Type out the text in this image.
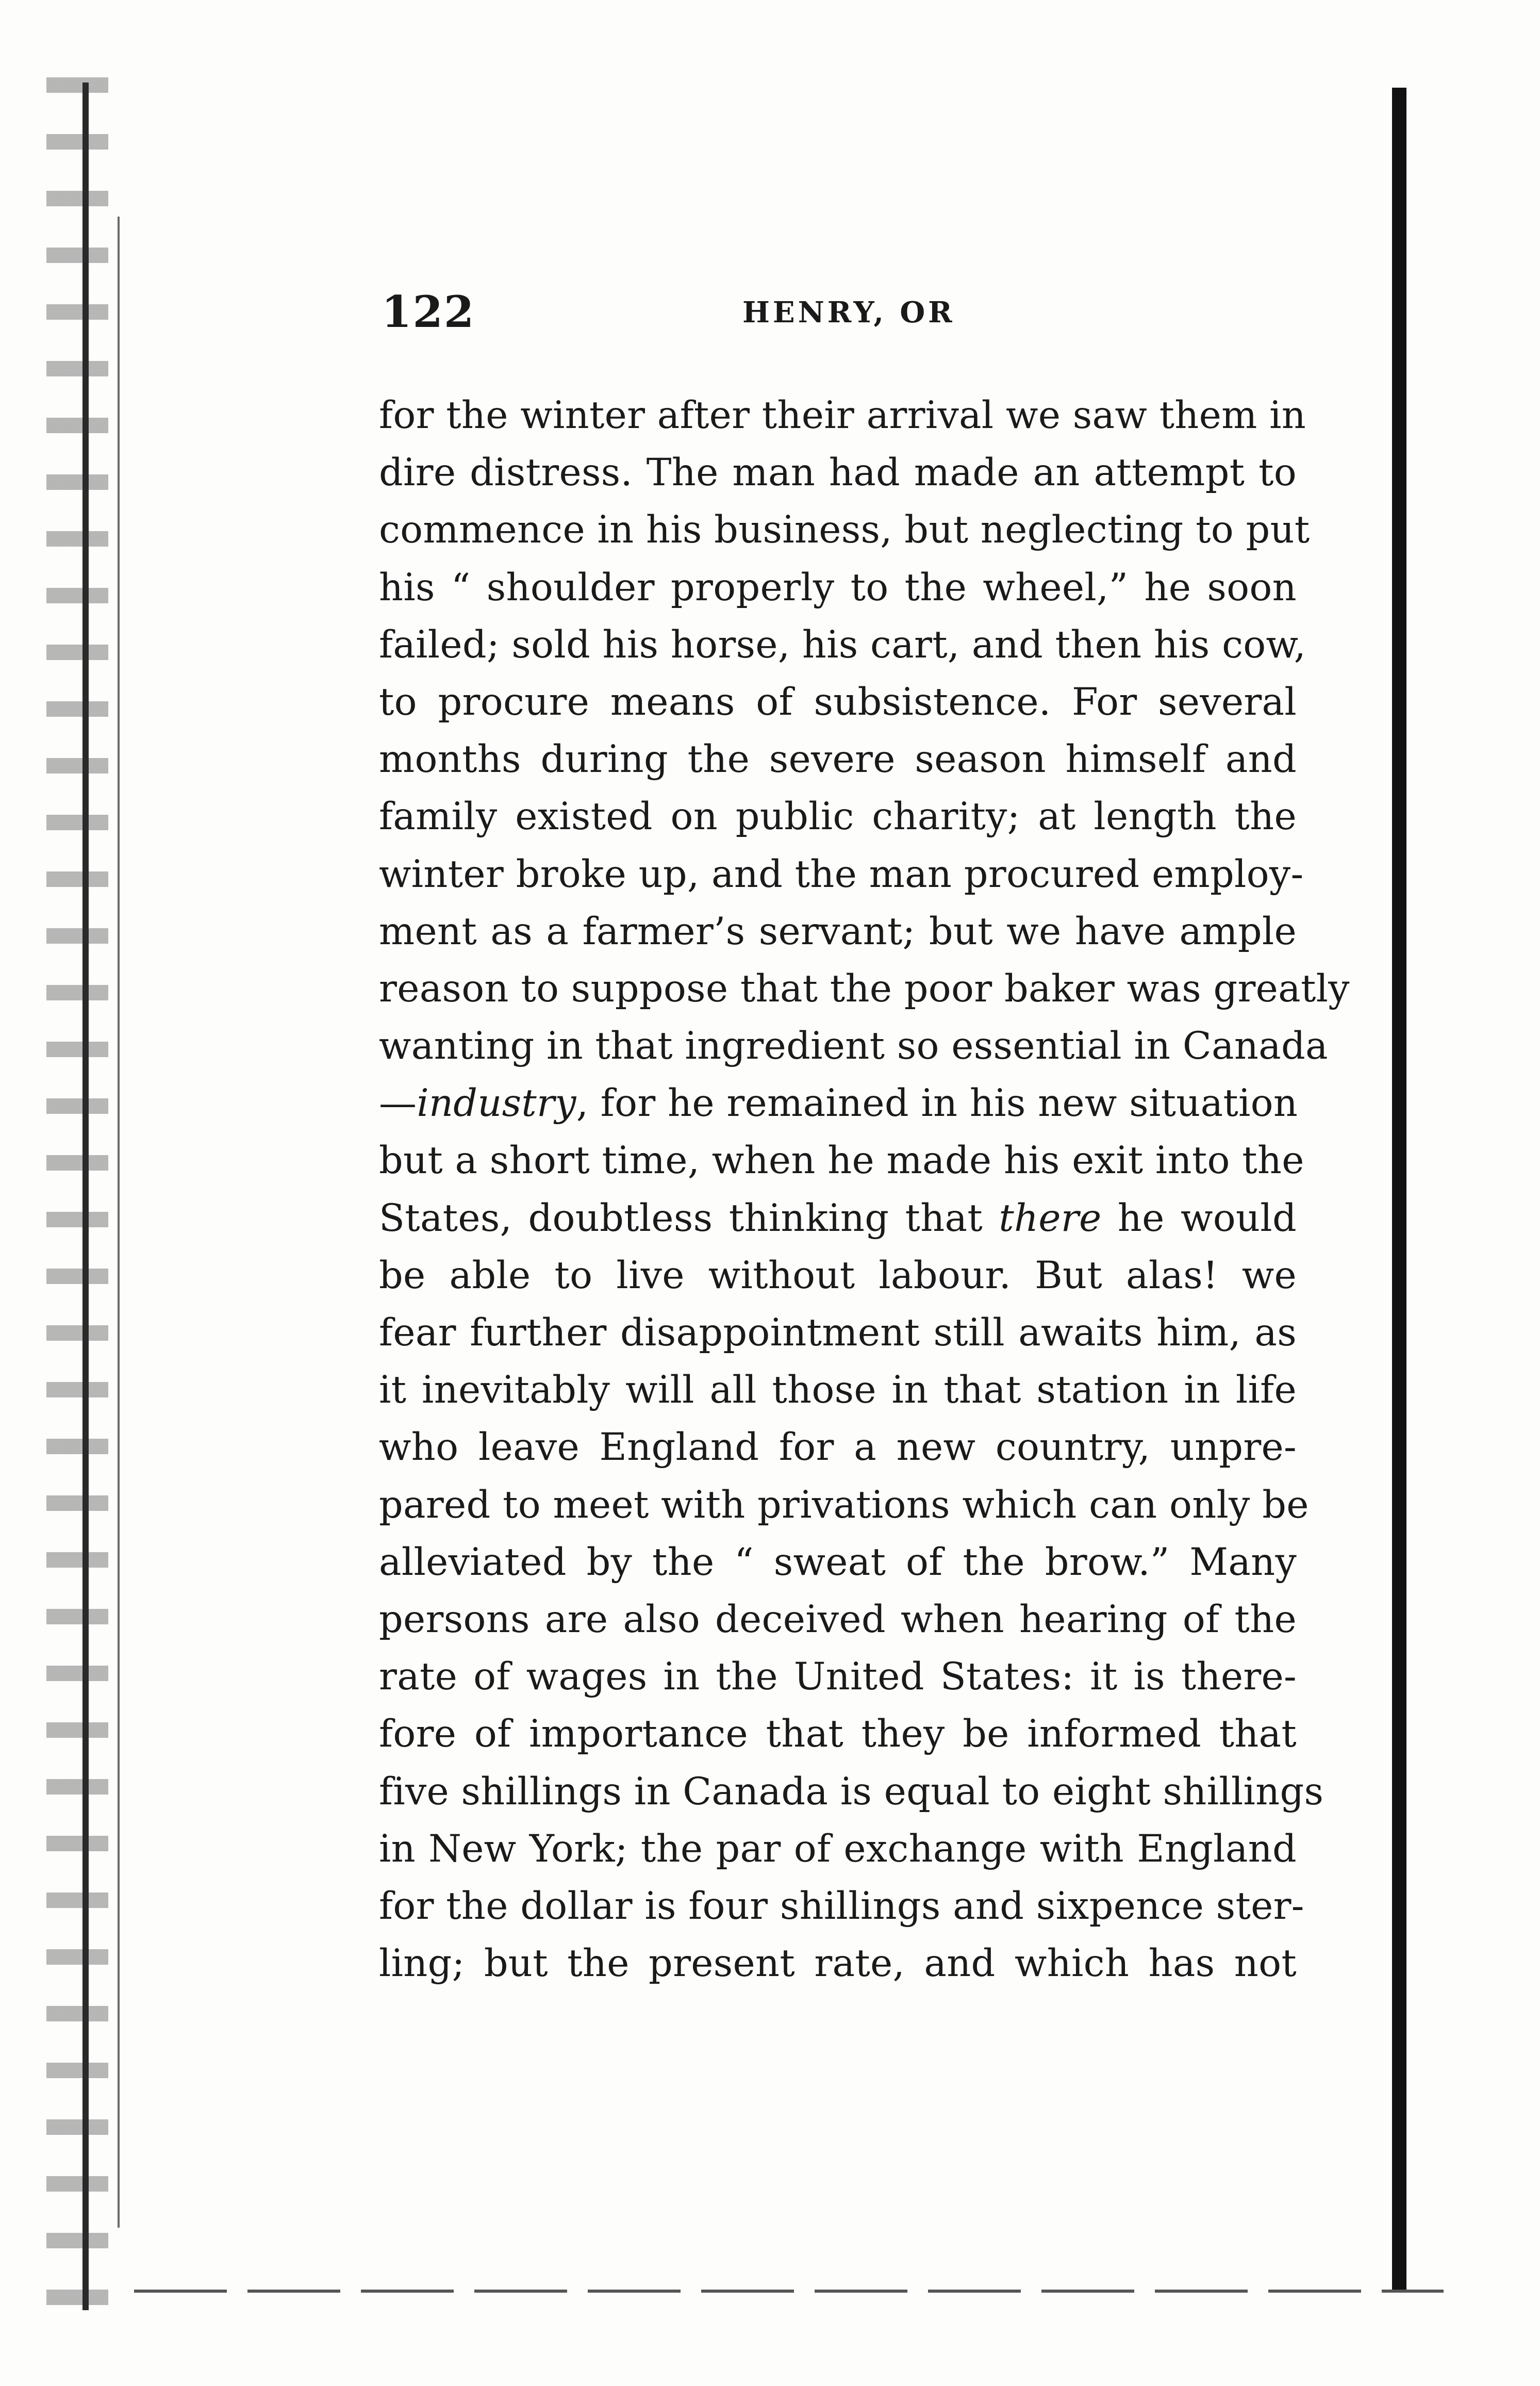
122	HENRY, OR
for the winter after their arrival we saw them in
dire distress. The man had made an attempt to
commence in his business, but neglecting to put
his “ shoulder properly to the wheel,” he soon
failed; sold his horse, his cart, and then his cow,
to procure means of subsistence. For several
months during the severe season himself and
family existed on public charity; at length the
winter broke up, and the man procured employ-
ment as a farmer’s servant; but we have ample
reason to suppose that the poor baker was greatly
wanting in that ingredient so essential in Canada
—industry, for he remained in his new situation
but a short time, when he made his exit into the
States, doubtless thinking that there he would
be able to live without labour. But alas! we
fear further disappointment still awaits him, as
it inevitably will all those in that station in life
who leave England for a new country, unpre-
pared to meet with privations which can only be
alleviated by the “ sweat of the brow.” Many
persons are also deceived when hearing of the
rate of wages in the United States: it is there-
fore of importance that they be informed that
five shillings in Canada is equal to eight shillings
in New York; the par of exchange with England
for the dollar is four shillings and sixpence ster-
ling; but the present rate, and which has not
